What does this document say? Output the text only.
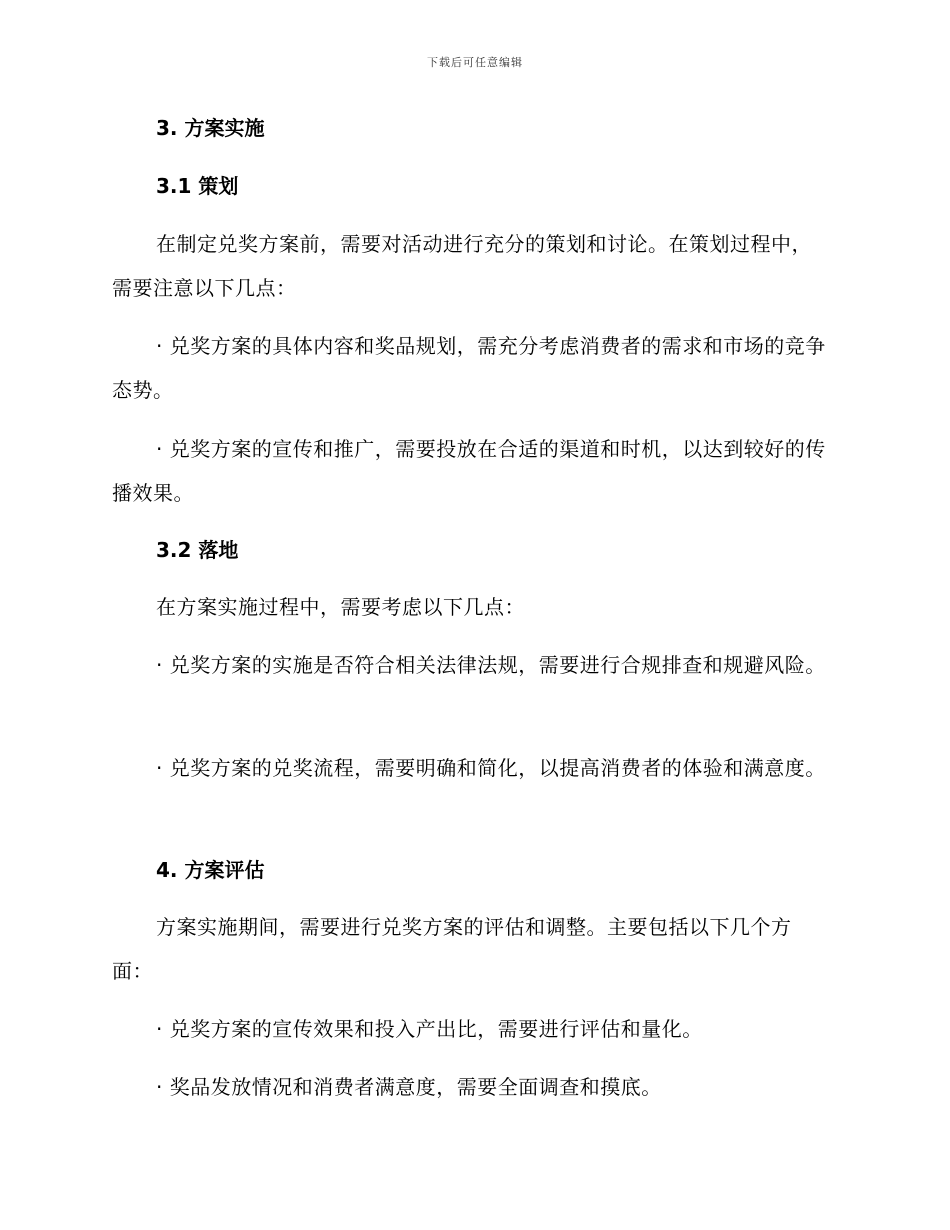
下载后可任意编辑
3. 方案实施
3.1 策划
在制定兑奖方案前，需要对活动进行充分的策划和讨论。在策划过程中，需要注意以下几点：
· 兑奖方案的具体内容和奖品规划，需充分考虑消费者的需求和市场的竞争态势。
· 兑奖方案的宣传和推广，需要投放在合适的渠道和时机，以达到较好的传播效果。
3.2 落地
在方案实施过程中，需要考虑以下几点：
· 兑奖方案的实施是否符合相关法律法规，需要进行合规排查和规避风险。
· 兑奖方案的兑奖流程，需要明确和简化，以提高消费者的体验和满意度。
4. 方案评估
方案实施期间，需要进行兑奖方案的评估和调整。主要包括以下几个方面：
· 兑奖方案的宣传效果和投入产出比，需要进行评估和量化。
· 奖品发放情况和消费者满意度，需要全面调查和摸底。
